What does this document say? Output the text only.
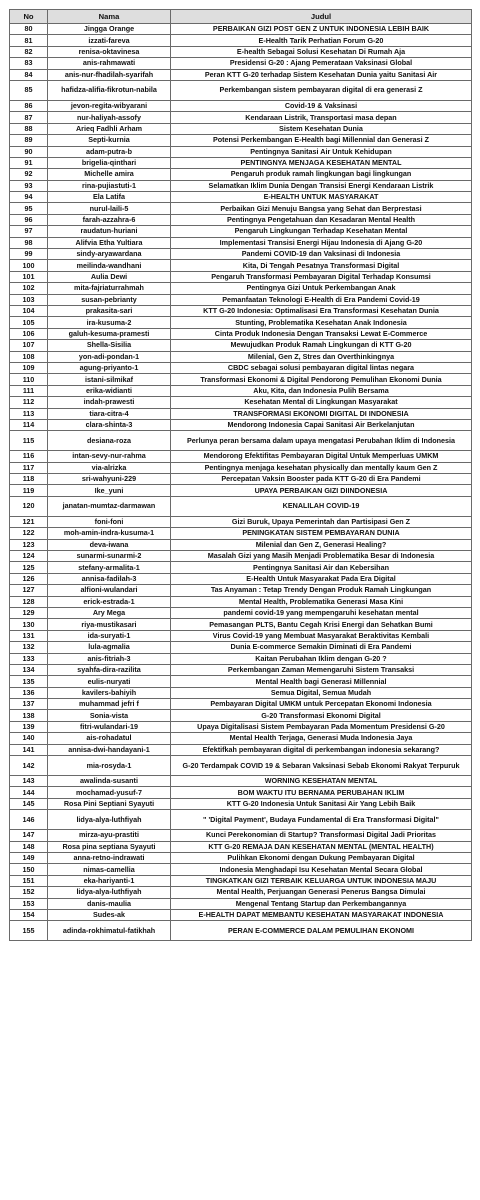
No	Nama	Judul
80	Jingga Orange	PERBAIKAN GIZI POST GEN Z UNTUK INDONESIA LEBIH BAIK
81	izzati-fareva	E-Health Tarik Perhatian Forum G-20
82	renisa-oktavinesa	E-health Sebagai Solusi Kesehatan Di Rumah Aja
83	anis-rahmawati	Presidensi G-20 : Ajang Pemerataan Vaksinasi Global
84	anis-nur-fhadilah-syarifah	Peran KTT G-20 terhadap Sistem Kesehatan Dunia yaitu Sanitasi Air
85	hafidza-alifia-fikrotun-nabila	Perkembangan sistem pembayaran digital di era generasi Z
86	jevon-regita-wibyarani	Covid-19 & Vaksinasi
87	nur-haliyah-assofy	Kendaraan Listrik, Transportasi masa depan
88	Arieq Fadhli Arham	Sistem Kesehatan Dunia
89	Septi-kurnia	Potensi Perkembangan E-Health bagi Millennial dan Generasi Z
90	adam-putra-b	Pentingnya Sanitasi Air Untuk Kehidupan
91	brigelia-qinthari	PENTINGNYA MENJAGA KESEHATAN MENTAL
92	Michelle amira	Pengaruh produk ramah lingkungan bagi lingkungan
93	rina-pujiastuti-1	Selamatkan Iklim Dunia Dengan Transisi Energi Kendaraan Listrik
94	Ela Latifa	E-HEALTH UNTUK MASYARAKAT
95	nurul-laili-5	Perbaikan Gizi Menuju Bangsa yang Sehat dan Berprestasi
96	farah-azzahra-6	Pentingnya Pengetahuan dan Kesadaran Mental Health
97	raudatun-huriani	Pengaruh Lingkungan Terhadap Kesehatan Mental
98	Alifvia Etha Yultiara	Implementasi Transisi Energi Hijau Indonesia di Ajang G-20
99	sindy-aryawardana	Pandemi COVID-19 dan Vaksinasi di Indonesia
100	meilinda-wandhani	Kita, Di Tengah Pesatnya Transformasi Digital
101	Aulia Dewi	Pengaruh Transformasi Pembayaran Digital Terhadap Konsumsi
102	mita-fajriaturrahmah	Pentingnya Gizi Untuk Perkembangan Anak
103	susan-pebrianty	Pemanfaatan Teknologi E-Health di Era Pandemi Covid-19
104	prakasita-sari	KTT G-20 Indonesia: Optimalisasi Era Transformasi Kesehatan Dunia
105	ira-kusuma-2	Stunting, Problematika Kesehatan Anak Indonesia
106	galuh-kesuma-pramesti	Cinta Produk Indonesia Dengan Transaksi Lewat E-Commerce
107	Shella-Sisilia	Mewujudkan Produk Ramah Lingkungan di KTT G-20
108	yon-adi-pondan-1	Milenial, Gen Z, Stres dan Overthinkingnya
109	agung-priyanto-1	CBDC sebagai solusi pembayaran digital lintas negara
110	istani-silmikaf	Transformasi Ekonomi & Digital Pendorong Pemulihan Ekonomi Dunia
111	erika-widianti	Aku, Kita, dan Indonesia Pulih Bersama
112	indah-prawesti	Kesehatan Mental di Lingkungan Masyarakat
113	tiara-citra-4	TRANSFORMASI EKONOMI DIGITAL DI INDONESIA
114	clara-shinta-3	Mendorong Indonesia Capai Sanitasi Air Berkelanjutan
115	desiana-roza	Perlunya peran bersama dalam upaya mengatasi Perubahan Iklim di Indonesia
116	intan-sevy-nur-rahma	Mendorong Efektifitas Pembayaran Digital Untuk Memperluas UMKM
117	via-alrizka	Pentingnya menjaga kesehatan physically dan mentally kaum Gen Z
118	sri-wahyuni-229	Percepatan Vaksin Booster pada KTT G-20 di Era Pandemi
119	Ike_yuni	UPAYA PERBAIKAN GIZI DIINDONESIA
120	janatan-mumtaz-darmawan	KENALILAH COVID-19
121	foni-foni	Gizi Buruk, Upaya Pemerintah dan Partisipasi Gen Z
122	moh-amin-indra-kusuma-1	PENINGKATAN SISTEM PEMBAYARAN DUNIA
123	deva-iwana	Milenial dan Gen Z, Generasi Healing?
124	sunarmi-sunarmi-2	Masalah Gizi yang Masih Menjadi Problematika Besar di Indonesia
125	stefany-armalita-1	Pentingnya Sanitasi Air dan Kebersihan
126	annisa-fadilah-3	E-Health Untuk Masyarakat Pada Era Digital
127	alfioni-wulandari	Tas Anyaman : Tetap Trendy Dengan Produk Ramah Lingkungan
128	erick-estrada-1	Mental Health, Problematika Generasi Masa Kini
129	Ary Mega	pandemi covid-19 yang mempengaruhi kesehatan mental
130	riya-mustikasari	Pemasangan PLTS, Bantu Cegah Krisi Energi dan Sehatkan Bumi
131	ida-suryati-1	Virus Covid-19 yang Membuat Masyarakat Beraktivitas Kembali
132	lula-agmalia	Dunia E-commerce Semakin Diminati di Era Pandemi
133	anis-fitriah-3	Kaitan Perubahan Iklim dengan G-20 ?
134	syahfa-dira-razilita	Perkembangan Zaman Memengaruhi Sistem Transaksi
135	eulis-nuryati	Mental Health bagi Generasi Millennial
136	kavilers-bahiyih	Semua Digital, Semua Mudah
137	muhammad jefri f	Pembayaran Digital UMKM untuk Percepatan Ekonomi Indonesia
138	Sonia-vista	G-20 Transformasi Ekonomi Digital
139	fitri-wulandari-19	Upaya Digitalisasi Sistem Pembayaran Pada Momentum Presidensi G-20
140	ais-rohadatul	Mental Health Terjaga, Generasi Muda Indonesia Jaya
141	annisa-dwi-handayani-1	Efektifkah pembayaran digital di perkembangan indonesia sekarang?
142	mia-rosyda-1	G-20 Terdampak COVID 19 & Sebaran Vaksinasi Sebab Ekonomi Rakyat Terpuruk
143	awalinda-susanti	WORNING KESEHATAN MENTAL
144	mochamad-yusuf-7	BOM WAKTU ITU BERNAMA PERUBAHAN IKLIM
145	Rosa Pini Septiani Syayuti	KTT G-20 Indonesia Untuk Sanitasi Air Yang Lebih Baik
146	lidya-alya-luthfiyah	" 'Digital Payment', Budaya Fundamental di Era Transformasi Digital"
147	mirza-ayu-prastiti	Kunci Perekonomian di Startup? Transformasi Digital Jadi Prioritas
148	Rosa pina septiana Syayuti	KTT G-20 REMAJA DAN KESEHATAN MENTAL (MENTAL HEALTH)
149	anna-retno-indrawati	Pulihkan Ekonomi dengan Dukung Pembayaran Digital
150	nimas-camellia	Indonesia Menghadapi Isu Kesehatan Mental Secara Global
151	eka-hariyanti-1	TINGKATKAN GIZI TERBAIK KELUARGA UNTUK INDONESIA MAJU
152	lidya-alya-luthfiyah	Mental Health, Perjuangan Generasi Penerus Bangsa Dimulai
153	danis-maulia	Mengenal Tentang Startup dan Perkembangannya
154	Sudes-ak	E-HEALTH DAPAT MEMBANTU KESEHATAN MASYARAKAT INDONESIA
155	adinda-rokhimatul-fatikhah	PERAN E-COMMERCE DALAM PEMULIHAN EKONOMI
